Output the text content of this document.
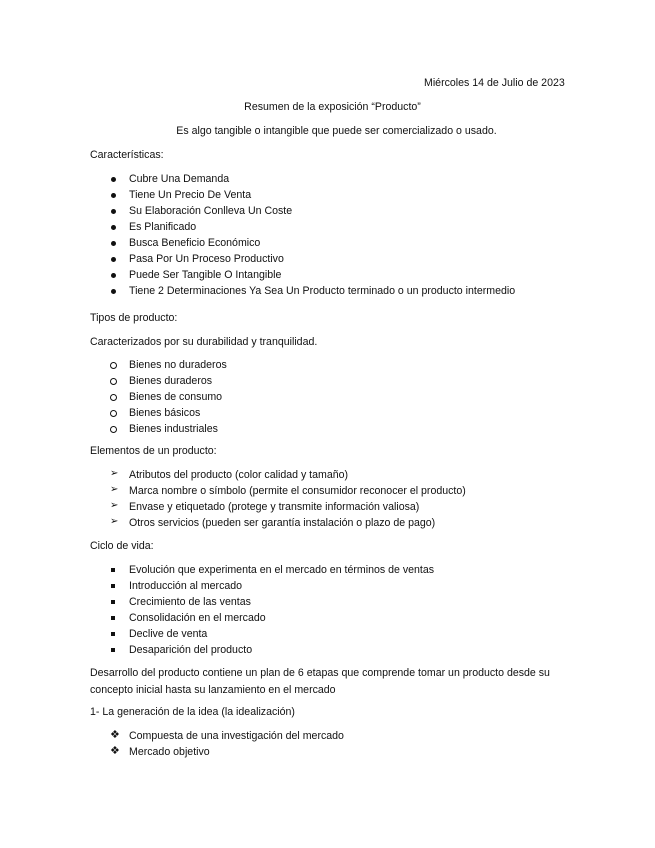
Miércoles 14 de Julio de 2023
Resumen de la exposición “Producto”
Es algo tangible o intangible que puede ser comercializado o usado.
Características:
Cubre Una Demanda
Tiene Un Precio De Venta
Su Elaboración Conlleva Un Coste
Es Planificado
Busca Beneficio Económico
Pasa Por Un Proceso Productivo
Puede Ser Tangible O Intangible
Tiene 2 Determinaciones Ya Sea Un Producto terminado o un producto intermedio
Tipos de producto:
Caracterizados por su durabilidad y tranquilidad.
Bienes no duraderos
Bienes duraderos
Bienes de consumo
Bienes básicos
Bienes industriales
Elementos de un producto:
➢	Atributos del producto (color calidad y tamaño)
➢	Marca nombre o símbolo (permite el consumidor reconocer el producto)
➢	Envase y etiquetado (protege y transmite información valiosa)
➢	Otros servicios (pueden ser garantía instalación o plazo de pago)
Ciclo de vida:
Evolución que experimenta en el mercado en términos de ventas
Introducción al mercado
Crecimiento de las ventas
Consolidación en el mercado
Declive de venta
Desaparición del producto
Desarrollo del producto contiene un plan de 6 etapas que comprende tomar un producto desde su concepto inicial hasta su lanzamiento en el mercado
1- La generación de la idea (la idealización)
❖ Compuesta de una investigación del mercado
❖ Mercado objetivo
